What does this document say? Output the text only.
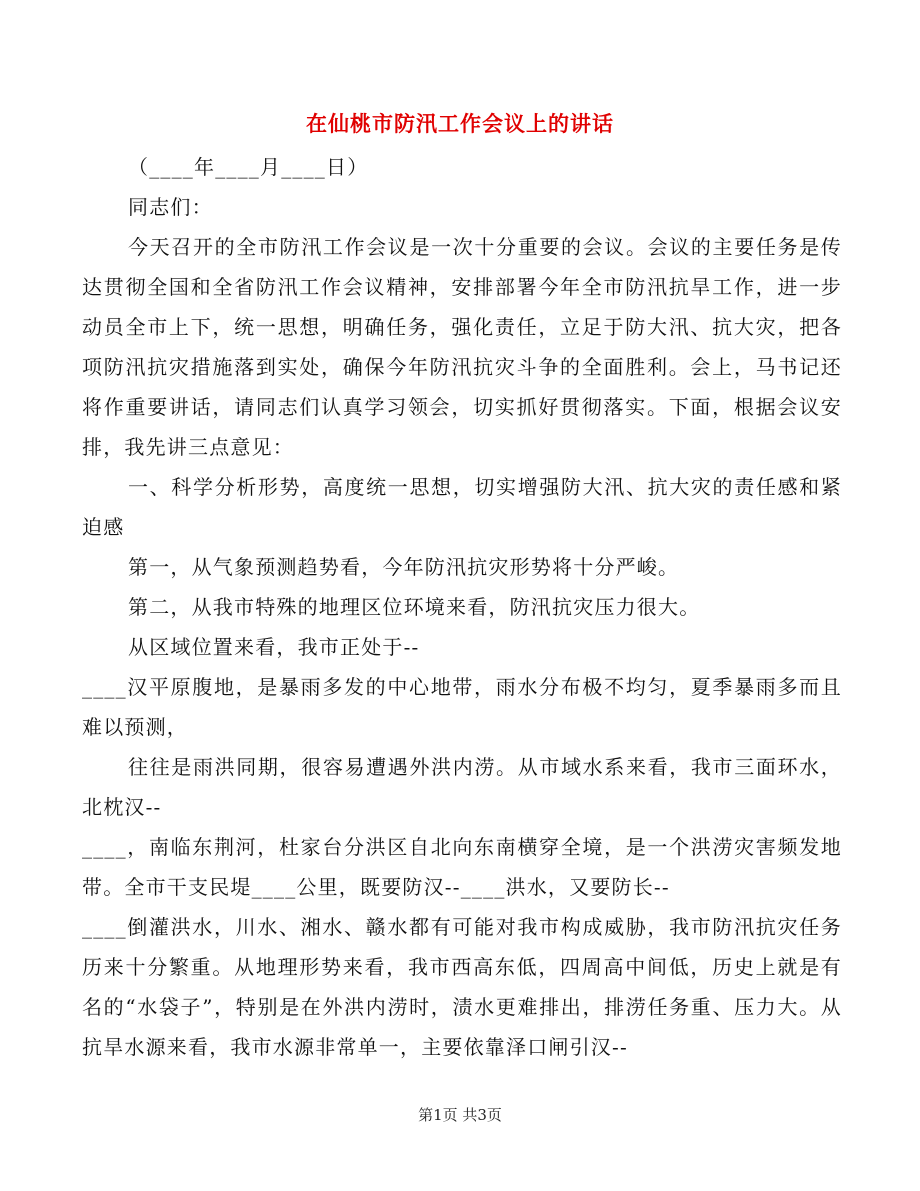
在仙桃市防汛工作会议上的讲话

（____年____月____日）

同志们：

今天召开的全市防汛工作会议是一次十分重要的会议。会议的主要任务是传达贯彻全国和全省防汛工作会议精神，安排部署今年全市防汛抗旱工作，进一步动员全市上下，统一思想，明确任务，强化责任，立足于防大汛、抗大灾，把各项防汛抗灾措施落到实处，确保今年防汛抗灾斗争的全面胜利。会上，马书记还将作重要讲话，请同志们认真学习领会，切实抓好贯彻落实。下面，根据会议安排，我先讲三点意见：

一、科学分析形势，高度统一思想，切实增强防大汛、抗大灾的责任感和紧迫感

第一，从气象预测趋势看，今年防汛抗灾形势将十分严峻。

第二，从我市特殊的地理区位环境来看，防汛抗灾压力很大。

从区域位置来看，我市正处于--

____汉平原腹地，是暴雨多发的中心地带，雨水分布极不均匀，夏季暴雨多而且难以预测，

往往是雨洪同期，很容易遭遇外洪内涝。从市域水系来看，我市三面环水，北枕汉--

____，南临东荆河，杜家台分洪区自北向东南横穿全境，是一个洪涝灾害频发地带。全市干支民堤____公里，既要防汉--____洪水，又要防长--

____倒灌洪水，川水、湘水、赣水都有可能对我市构成威胁，我市防汛抗灾任务历来十分繁重。从地理形势来看，我市西高东低，四周高中间低，历史上就是有名的“水袋子”，特别是在外洪内涝时，渍水更难排出，排涝任务重、压力大。从抗旱水源来看，我市水源非常单一，主要依靠泽口闸引汉--

第1页 共3页
